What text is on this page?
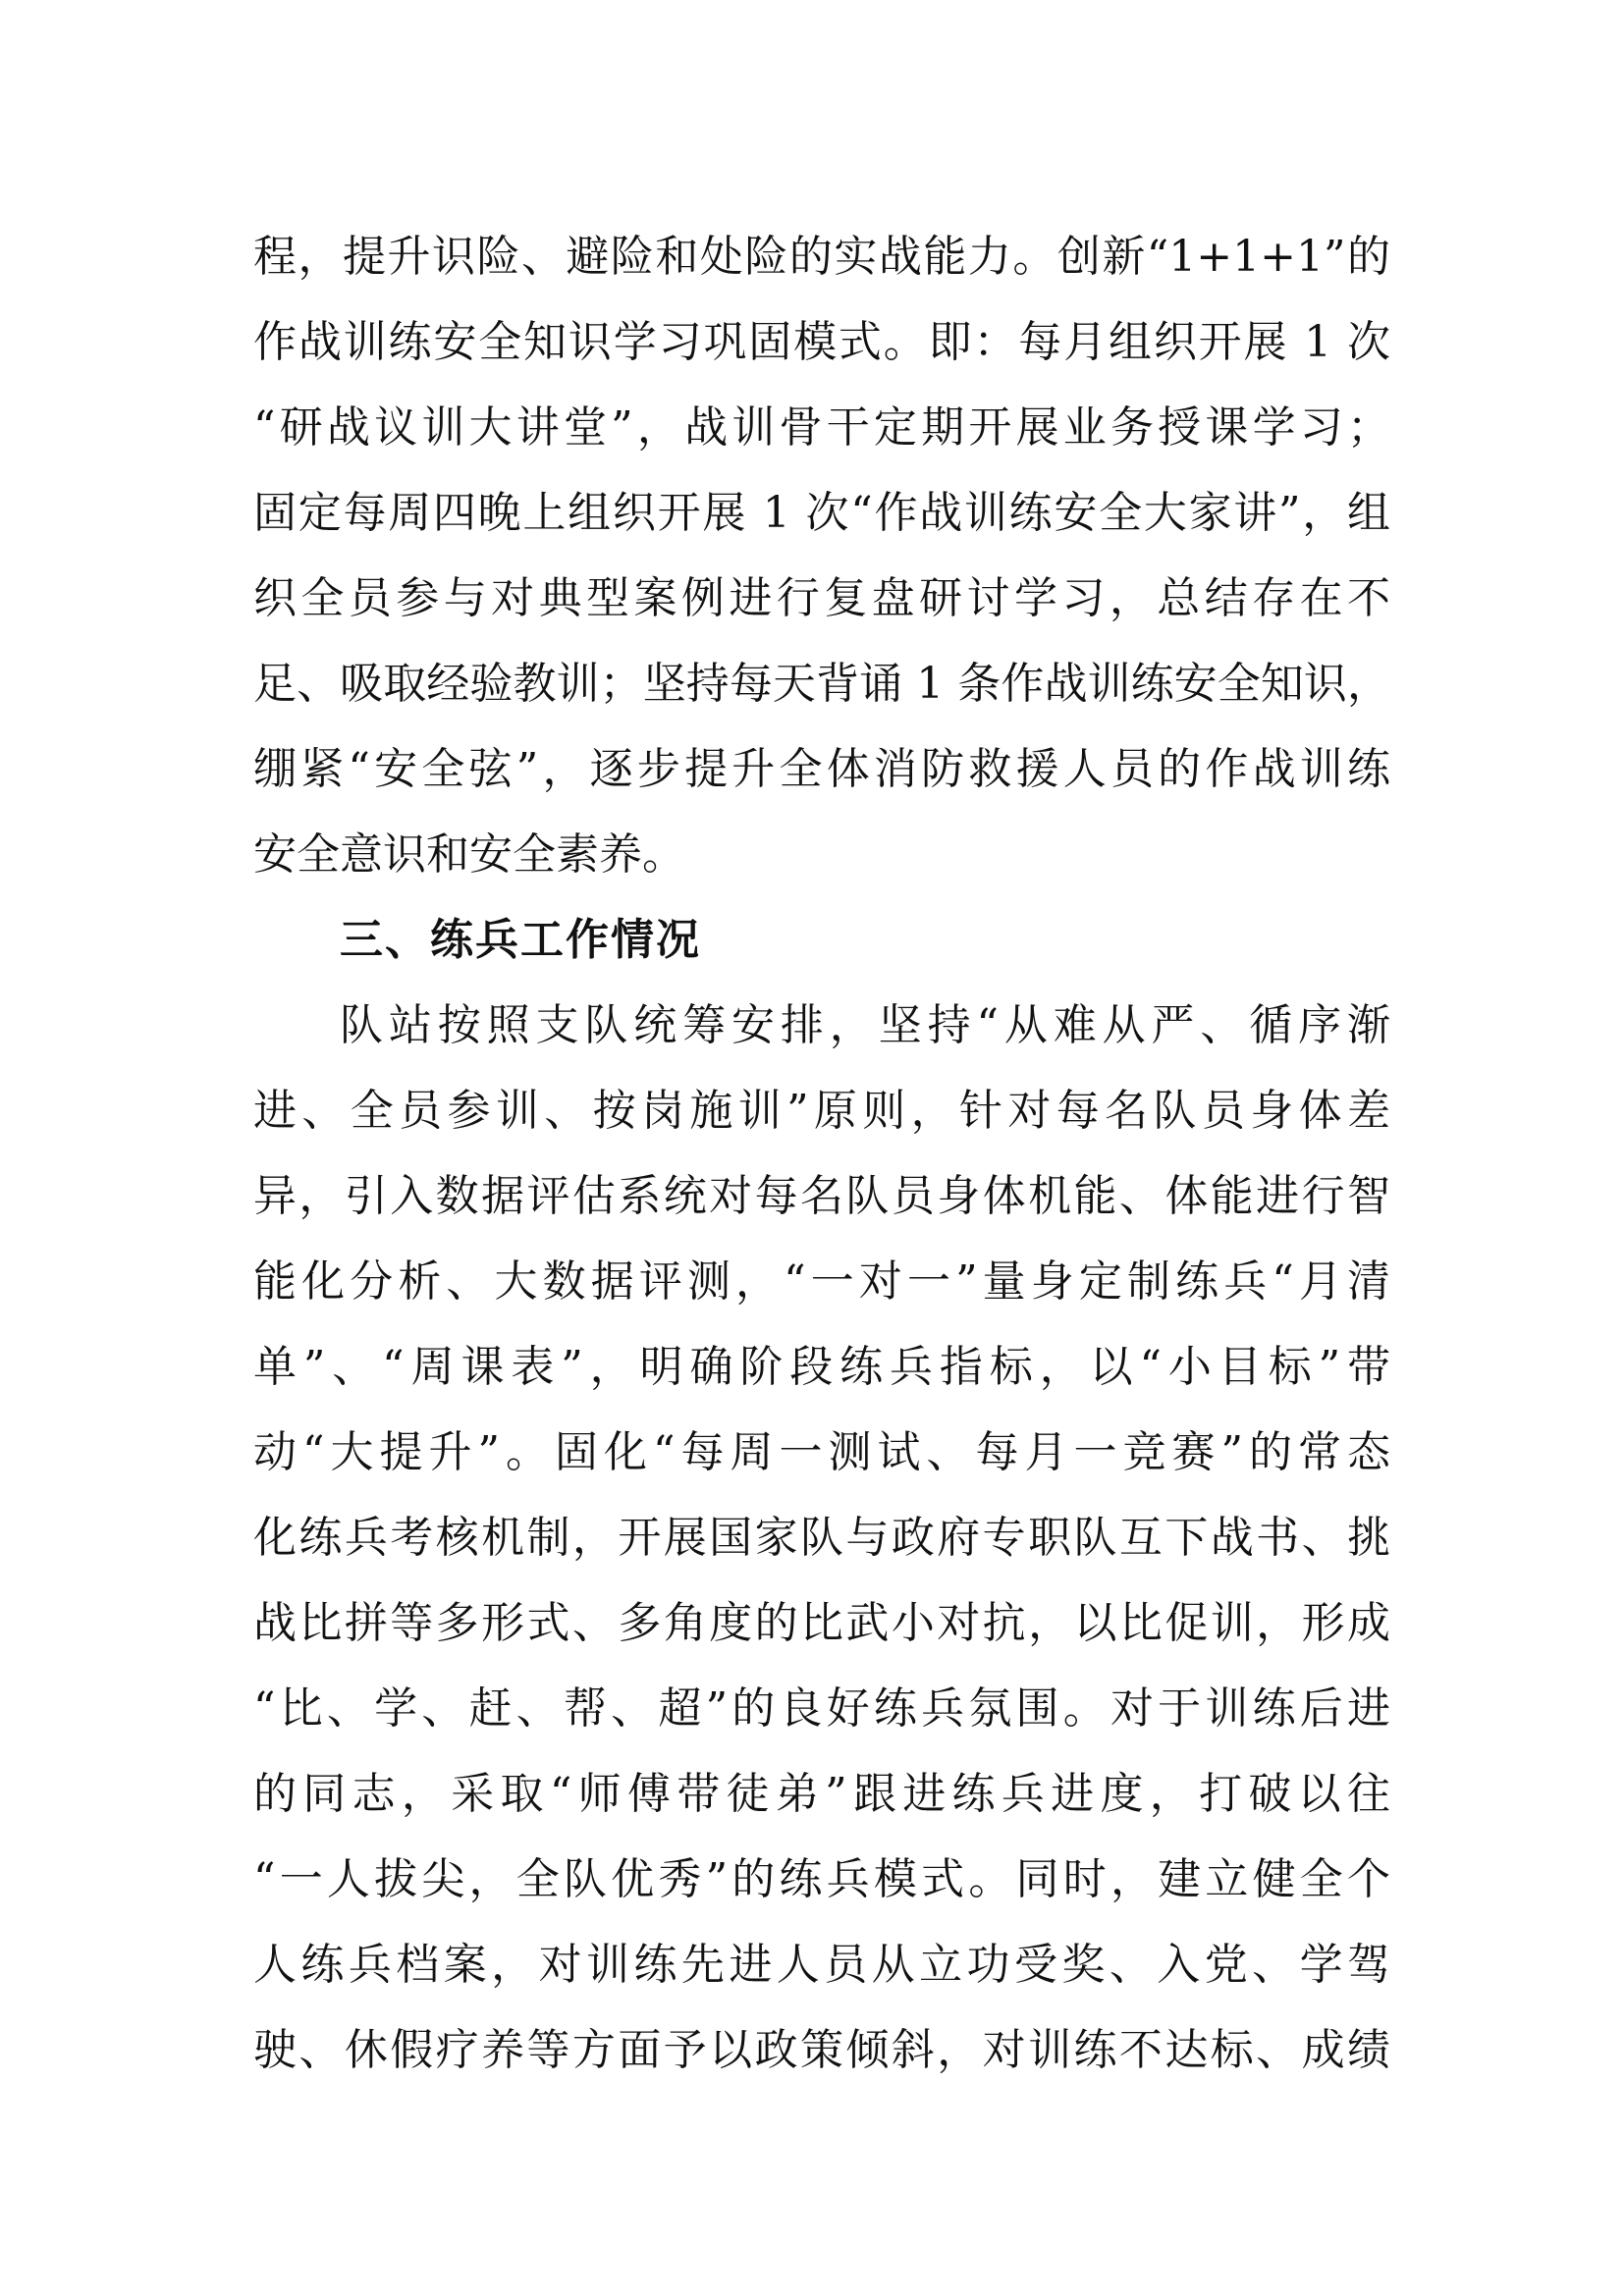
程，提升识险、避险和处险的实战能力。创新“1+1+1”的
作战训练安全知识学习巩固模式。即：每月组织开展 1 次
“研战议训大讲堂”，战训骨干定期开展业务授课学习；
固定每周四晚上组织开展 1 次“作战训练安全大家讲”，组
织全员参与对典型案例进行复盘研讨学习，总结存在不
足、吸取经验教训；坚持每天背诵 1 条作战训练安全知识，
绷紧“安全弦”，逐步提升全体消防救援人员的作战训练
安全意识和安全素养。
三、练兵工作情况
队站按照支队统筹安排，坚持“从难从严、循序渐
进、全员参训、按岗施训”原则，针对每名队员身体差
异，引入数据评估系统对每名队员身体机能、体能进行智
能化分析、大数据评测，“一对一”量身定制练兵“月清
单”、“周课表”，明确阶段练兵指标，以“小目标”带
动“大提升”。固化“每周一测试、每月一竞赛”的常态
化练兵考核机制，开展国家队与政府专职队互下战书、挑
战比拼等多形式、多角度的比武小对抗，以比促训，形成
“比、学、赶、帮、超”的良好练兵氛围。对于训练后进
的同志，采取“师傅带徒弟”跟进练兵进度，打破以往
“一人拔尖，全队优秀”的练兵模式。同时，建立健全个
人练兵档案，对训练先进人员从立功受奖、入党、学驾
驶、休假疗养等方面予以政策倾斜，对训练不达标、成绩
